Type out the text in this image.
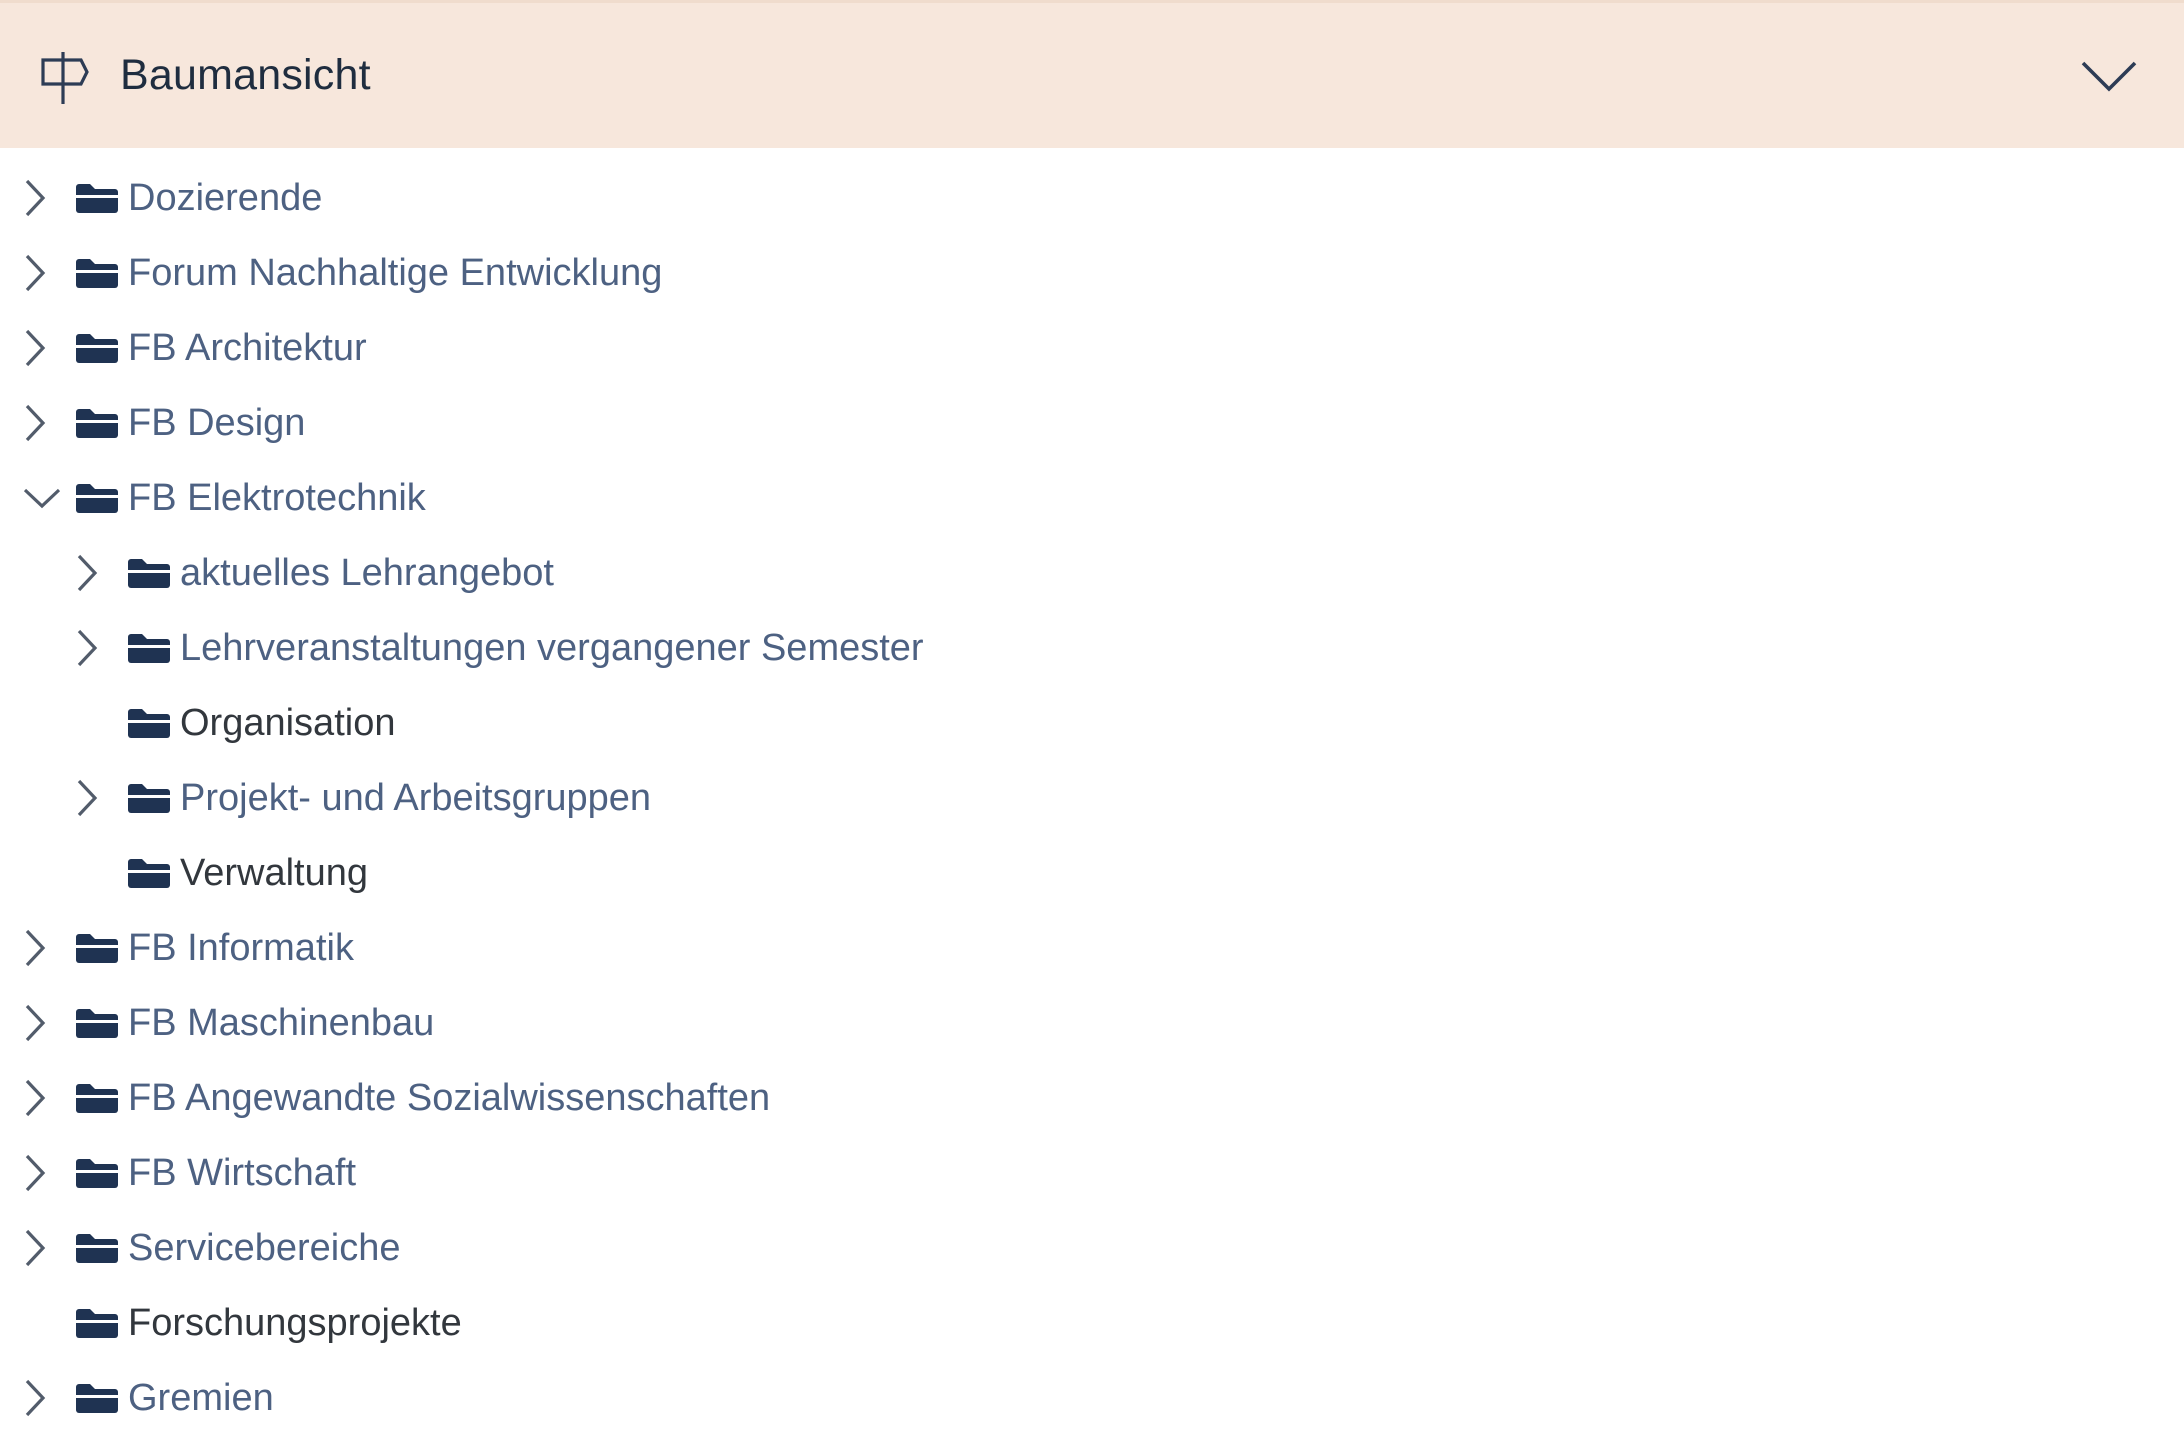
Baumansicht
Dozierende
Forum Nachhaltige Entwicklung
FB Architektur
FB Design
FB Elektrotechnik
aktuelles Lehrangebot
Lehrveranstaltungen vergangener Semester
Organisation
Projekt- und Arbeitsgruppen
Verwaltung
FB Informatik
FB Maschinenbau
FB Angewandte Sozialwissenschaften
FB Wirtschaft
Servicebereiche
Forschungsprojekte
Gremien
